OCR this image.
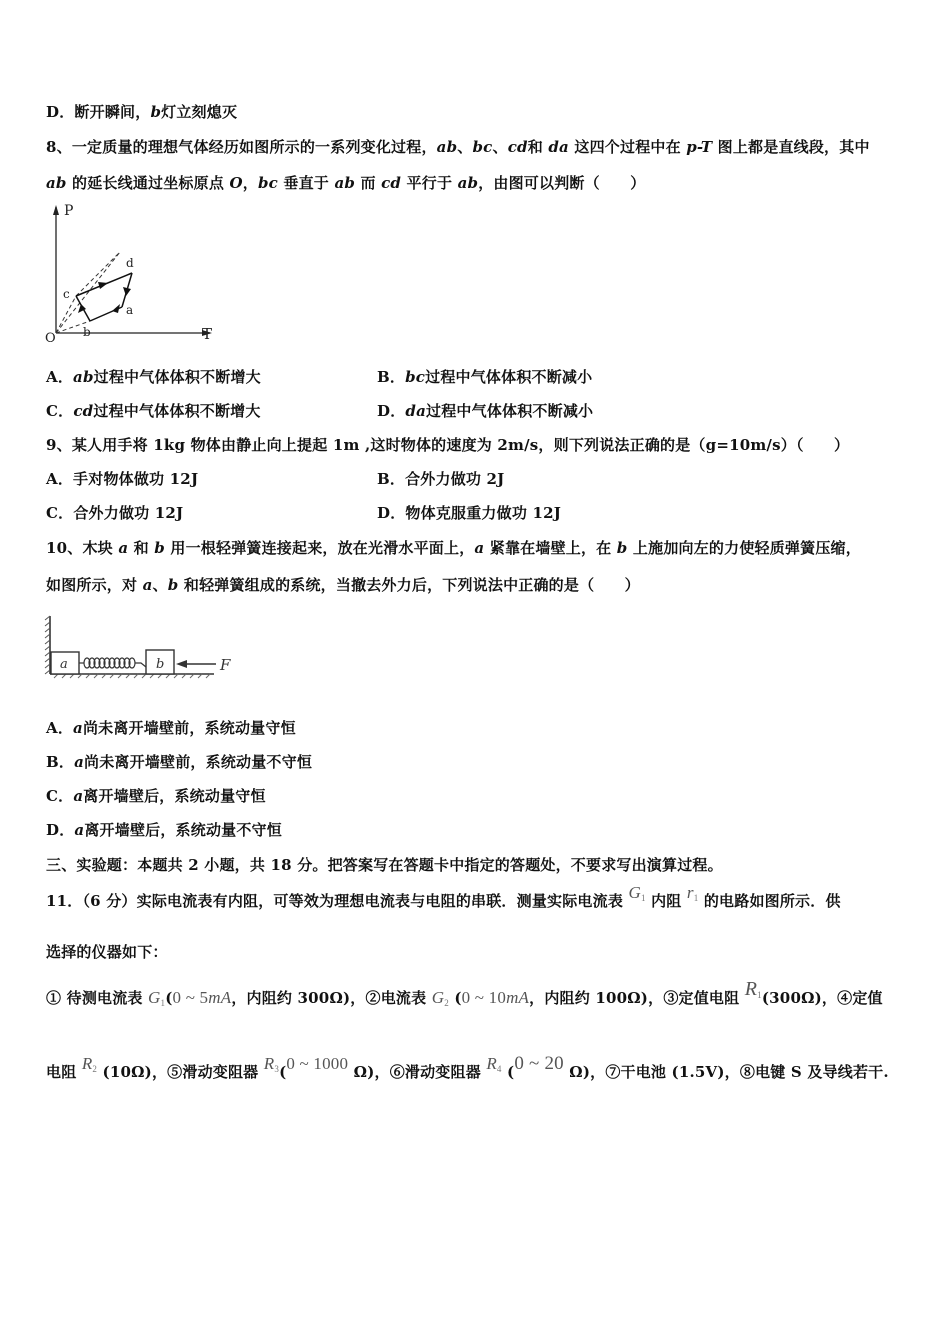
D．断开瞬间，b灯立刻熄灭
8、一定质量的理想气体经历如图所示的一系列变化过程，ab、bc、cd和 da 这四个过程中在 p-T 图上都是直线段，其中
ab 的延长线通过坐标原点 O，bc 垂直于 ab 而 cd 平行于 ab，由图可以判断（　　）
P
T
O
a
b
c
d
A．ab过程中气体体积不断增大	B．bc过程中气体体积不断减小
C．cd过程中气体体积不断增大	D．da过程中气体体积不断减小
9、某人用手将 1kg 物体由静止向上提起 1m ,这时物体的速度为 2m/s，则下列说法正确的是（g=10m/s）（　　）
A．手对物体做功 12J	B．合外力做功 2J
C．合外力做功 12J	D．物体克服重力做功 12J
10、木块 a 和 b 用一根轻弹簧连接起来，放在光滑水平面上，a 紧靠在墙壁上，在 b 上施加向左的力使轻质弹簧压缩，
如图所示，对 a、b 和轻弹簧组成的系统，当撤去外力后，下列说法中正确的是（　　）
a	b	F
A．a尚未离开墙壁前，系统动量守恒
B．a尚未离开墙壁前，系统动量不守恒
C．a离开墙壁后，系统动量守恒
D．a离开墙壁后，系统动量不守恒
三、实验题：本题共 2 小题，共 18 分。把答案写在答题卡中指定的答题处，不要求写出演算过程。
11．（6 分）实际电流表有内阻，可等效为理想电流表与电阻的串联．测量实际电流表 $G_1$ 内阻 $r_1$ 的电路如图所示．供
选择的仪器如下：
① 待测电流表 $G_1(0$ ~ 5mA，内阻约 300Ω)，②电流表 $G_2$ (0 ~ 10mA，内阻约 100Ω)，③定值电阻 $R_1(300\Omega)$，④定值
电阻 $R_2$ (10Ω)，⑤滑动变阻器 $R_3(0$ ~ 1000 Ω)，⑥滑动变阻器 $R_4$ (0 ~ 20 Ω)，⑦干电池 (1.5V)，⑧电键 S 及导线若干.
